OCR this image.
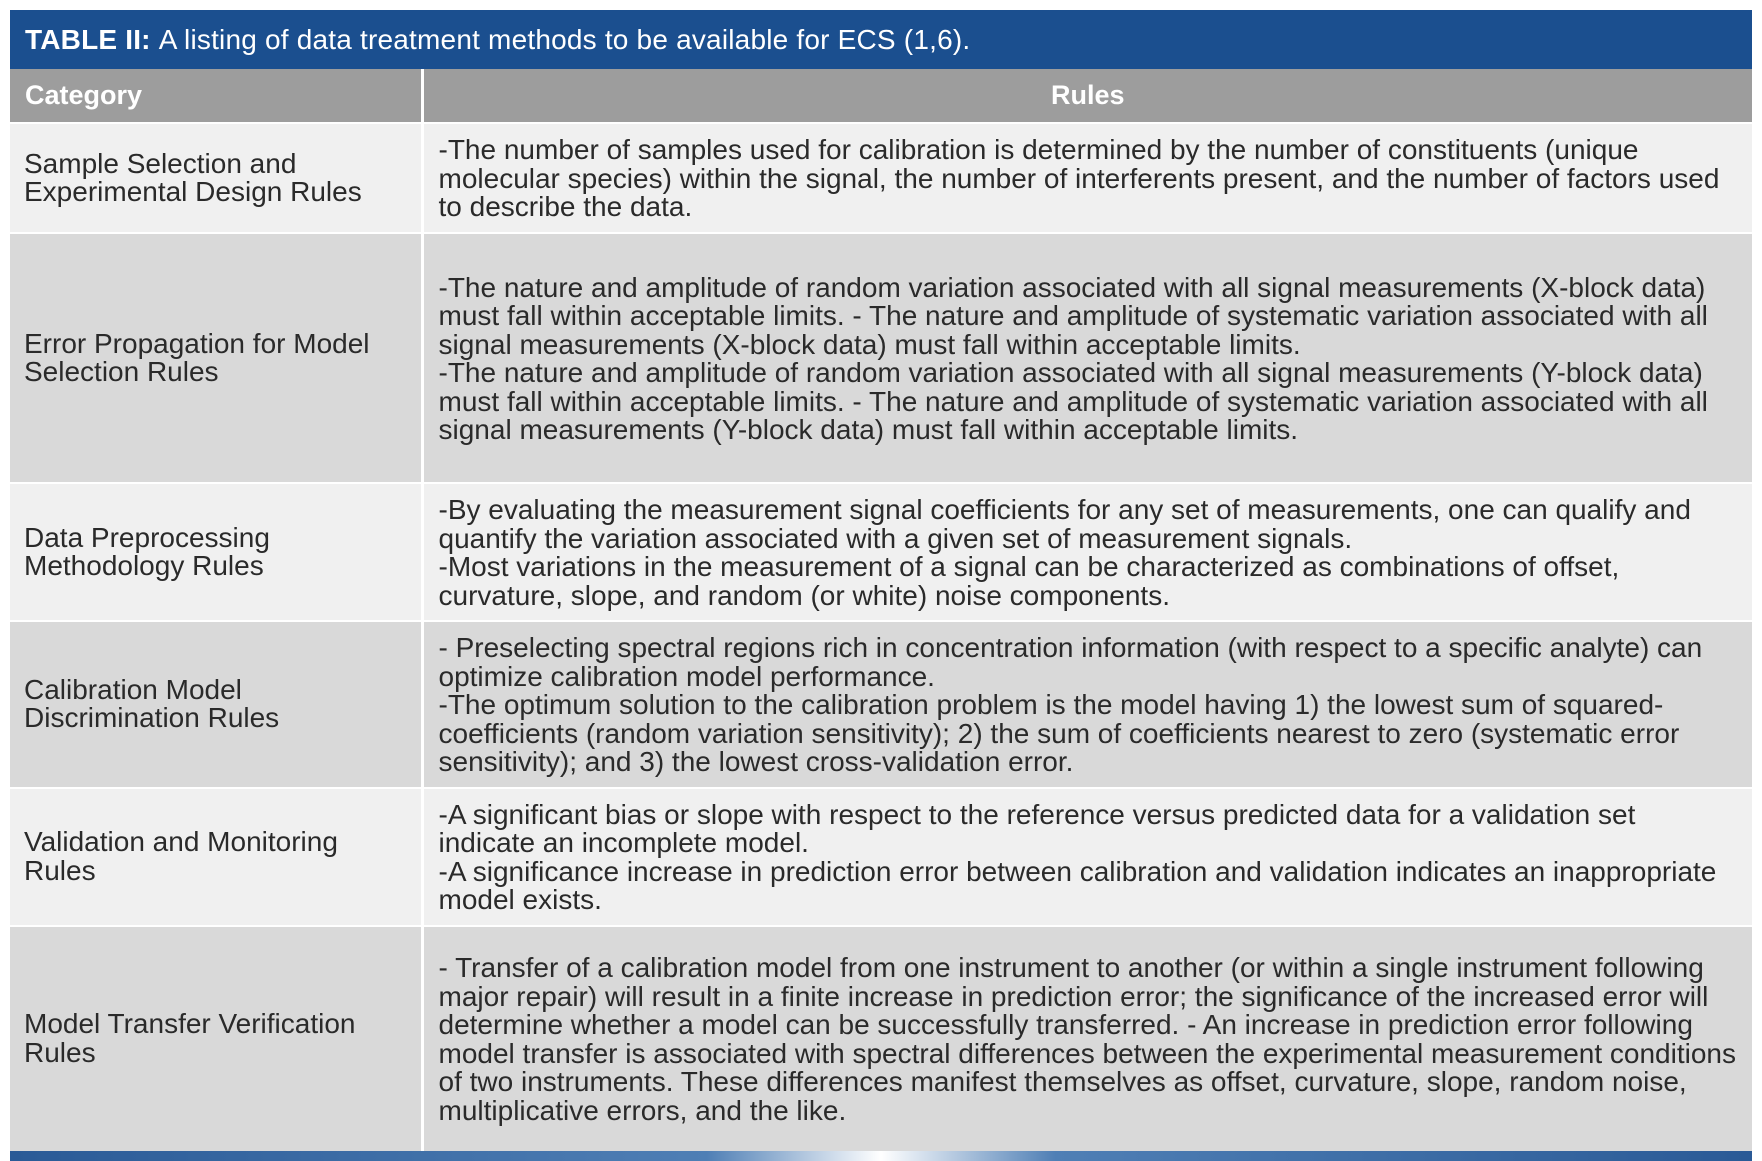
TABLE II: A listing of data treatment methods to be available for ECS (1,6).
Category	Rules
Sample Selection and Experimental Design Rules	-The number of samples used for calibration is determined by the number of constituents (unique molecular species) within the signal, the number of interferents present, and the number of factors used to describe the data.

Error Propagation for Model Selection Rules	-The nature and amplitude of random variation associated with all signal measurements (X-block data) must fall within acceptable limits. - The nature and amplitude of systematic variation associated with all signal measurements (X-block data) must fall within acceptable limits.
-The nature and amplitude of random variation associated with all signal measurements (Y-block data) must fall within acceptable limits. - The nature and amplitude of systematic variation associated with all signal measurements (Y-block data) must fall within acceptable limits.

Data Preprocessing Methodology Rules	-By evaluating the measurement signal coefficients for any set of measurements, one can qualify and quantify the variation associated with a given set of measurement signals.
-Most variations in the measurement of a signal can be characterized as combinations of offset, curvature, slope, and random (or white) noise components.

Calibration Model Discrimination Rules	- Preselecting spectral regions rich in concentration information (with respect to a specific analyte) can optimize calibration model performance.
-The optimum solution to the calibration problem is the model having 1) the lowest sum of squared-coefficients (random variation sensitivity); 2) the sum of coefficients nearest to zero (systematic error sensitivity); and 3) the lowest cross-validation error.

Validation and Monitoring Rules	-A significant bias or slope with respect to the reference versus predicted data for a validation set indicate an incomplete model.
-A significance increase in prediction error between calibration and validation indicates an inappropriate model exists.

Model Transfer Verification Rules	- Transfer of a calibration model from one instrument to another (or within a single instrument following major repair) will result in a finite increase in prediction error; the significance of the increased error will determine whether a model can be successfully transferred. - An increase in prediction error following model transfer is associated with spectral differences between the experimental measurement conditions of two instruments. These differences manifest themselves as offset, curvature, slope, random noise, multiplicative errors, and the like.
